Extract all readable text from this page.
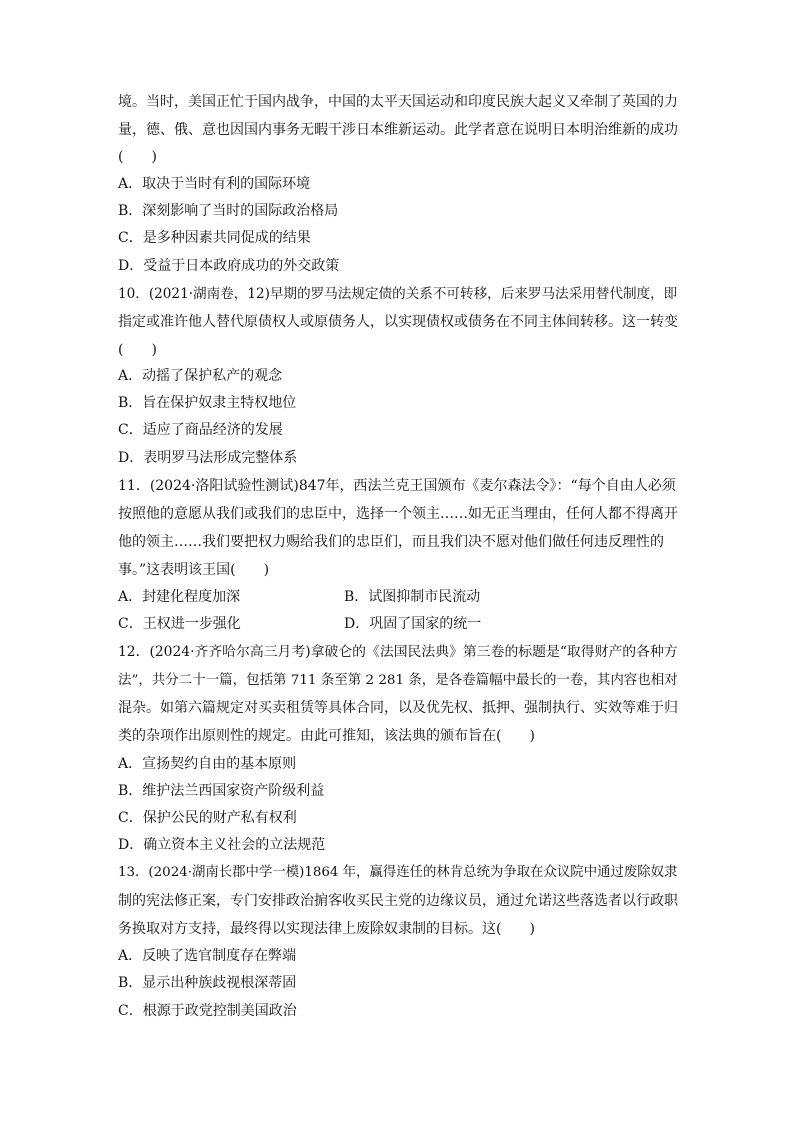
境。当时，美国正忙于国内战争，中国的太平天国运动和印度民族大起义又牵制了英国的力
量，德、俄、意也因国内事务无暇干涉日本维新运动。此学者意在说明日本明治维新的成功
(　　)
A．取决于当时有利的国际环境
B．深刻影响了当时的国际政治格局
C．是多种因素共同促成的结果
D．受益于日本政府成功的外交政策
10．(2021·湖南卷，12)早期的罗马法规定债的关系不可转移，后来罗马法采用替代制度，即
指定或准许他人替代原债权人或原债务人，以实现债权或债务在不同主体间转移。这一转变
(　　)
A．动摇了保护私产的观念
B．旨在保护奴隶主特权地位
C．适应了商品经济的发展
D．表明罗马法形成完整体系
11．(2024·洛阳试验性测试)847年，西法兰克王国颁布《麦尔森法令》：“每个自由人必须
按照他的意愿从我们或我们的忠臣中，选择一个领主……如无正当理由，任何人都不得离开
他的领主……我们要把权力赐给我们的忠臣们，而且我们决不愿对他们做任何违反理性的
事。”这表明该王国(　　)
A．封建化程度加深	B．试图抑制市民流动
C．王权进一步强化	D．巩固了国家的统一
12．(2024·齐齐哈尔高三月考)拿破仑的《法国民法典》第三卷的标题是“取得财产的各种方
法”，共分二十一篇，包括第 711 条至第 2 281 条，是各卷篇幅中最长的一卷，其内容也相对
混杂。如第六篇规定对买卖租赁等具体合同，以及优先权、抵押、强制执行、实效等难于归
类的杂项作出原则性的规定。由此可推知，该法典的颁布旨在(　　)
A．宣扬契约自由的基本原则
B．维护法兰西国家资产阶级利益
C．保护公民的财产私有权利
D．确立资本主义社会的立法规范
13．(2024·湖南长郡中学一模)1864 年，赢得连任的林肯总统为争取在众议院中通过废除奴隶
制的宪法修正案，专门安排政治掮客收买民主党的边缘议员，通过允诺这些落选者以行政职
务换取对方支持，最终得以实现法律上废除奴隶制的目标。这(　　)
A．反映了选官制度存在弊端
B．显示出种族歧视根深蒂固
C．根源于政党控制美国政治
